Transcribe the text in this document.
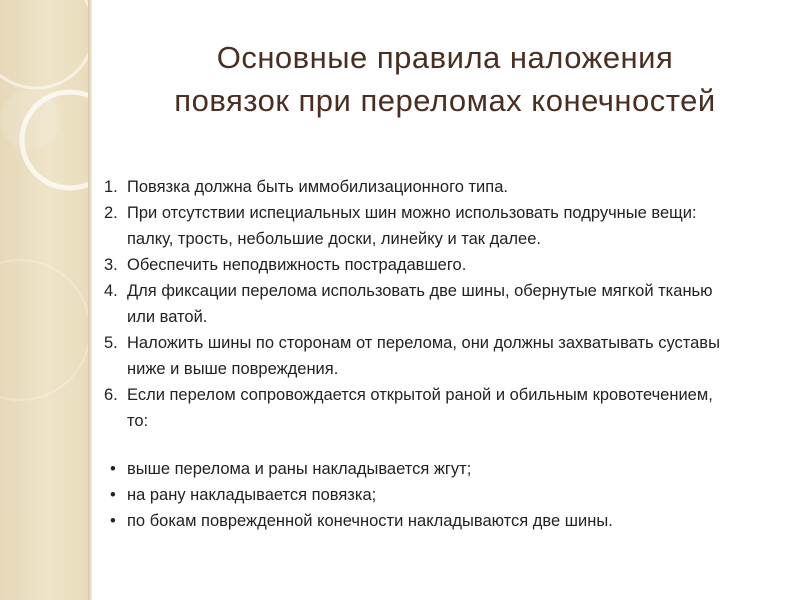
Основные правила наложения
повязок при переломах конечностей
1. Повязка должна быть иммобилизационного типа.
2. При отсутствии испециальных шин можно использовать подручные вещи:
палку, трость, небольшие доски, линейку и так далее.
3. Обеспечить неподвижность пострадавшего.
4. Для фиксации перелома использовать две шины, обернутые мягкой тканью
или ватой.
5. Наложить шины по сторонам от перелома, они должны захватывать суставы
ниже и выше повреждения.
6. Если перелом сопровождается открытой раной и обильным кровотечением,
то:
• выше перелома и раны накладывается жгут;
• на рану накладывается повязка;
• по бокам поврежденной конечности накладываются две шины.
